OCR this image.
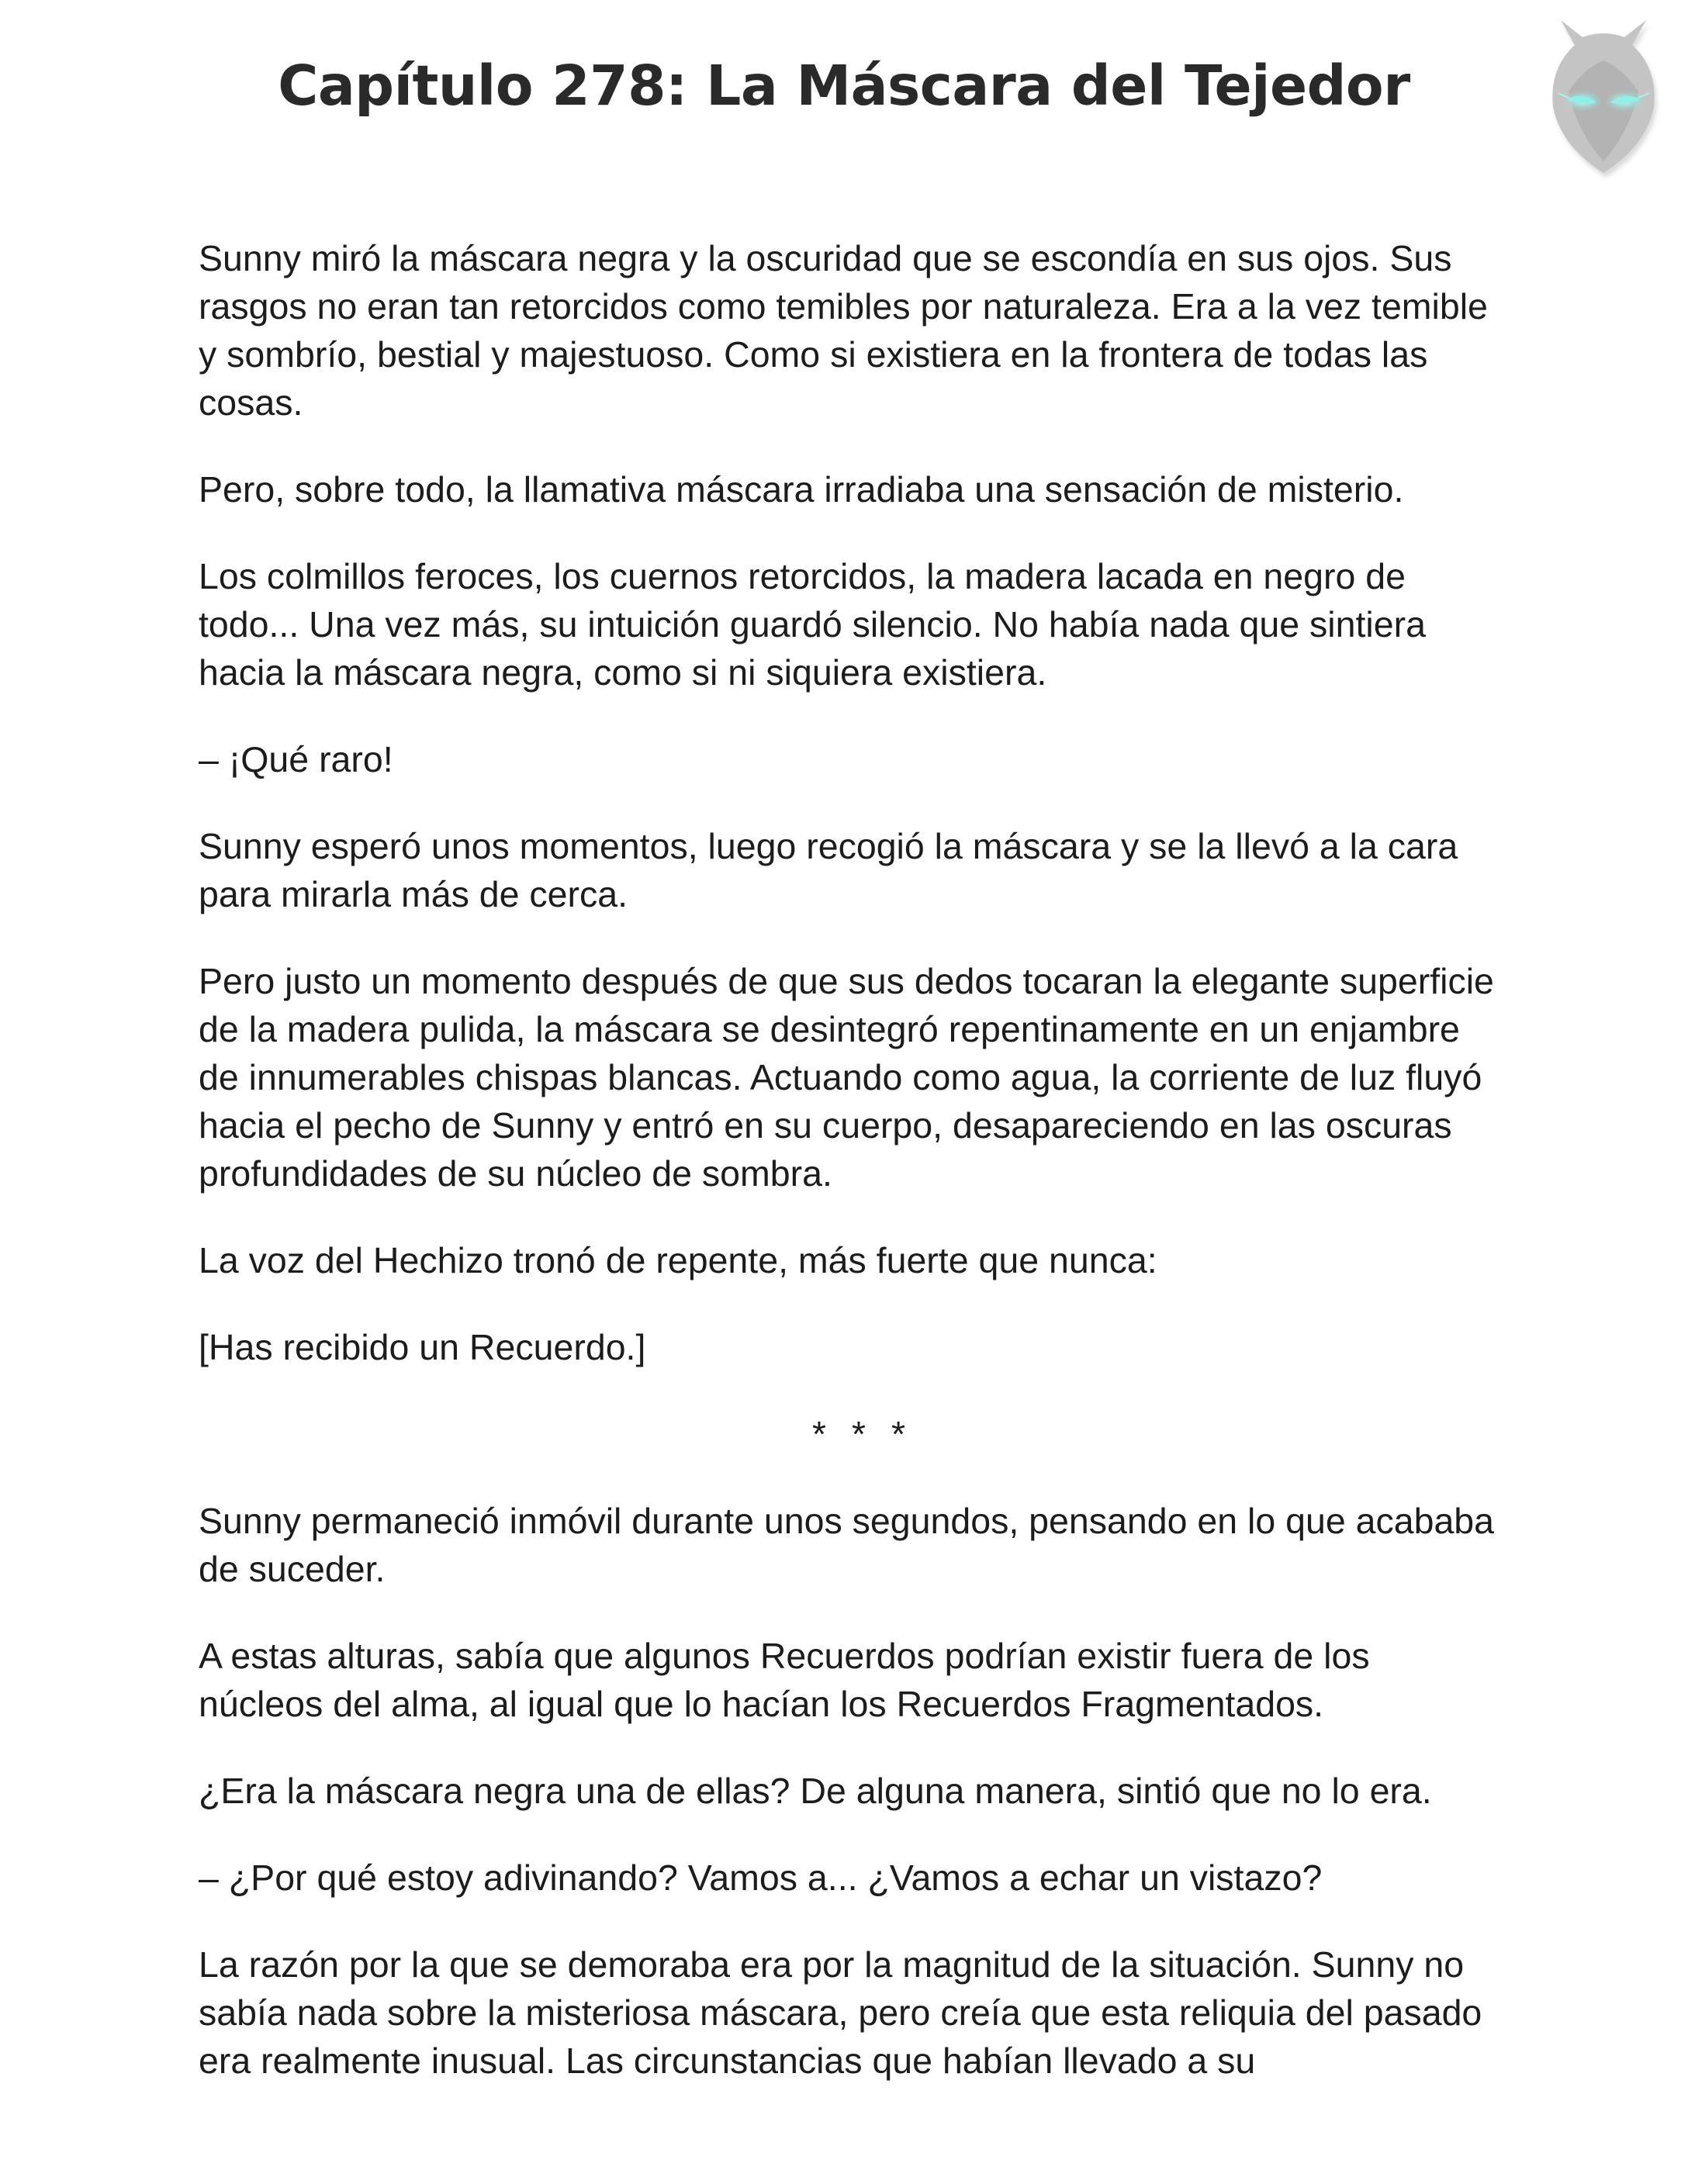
Capítulo 278: La Máscara del Tejedor

Sunny miró la máscara negra y la oscuridad que se escondía en sus ojos. Sus rasgos no eran tan retorcidos como temibles por naturaleza. Era a la vez temible y sombrío, bestial y majestuoso. Como si existiera en la frontera de todas las cosas.

Pero, sobre todo, la llamativa máscara irradiaba una sensación de misterio.

Los colmillos feroces, los cuernos retorcidos, la madera lacada en negro de todo... Una vez más, su intuición guardó silencio. No había nada que sintiera hacia la máscara negra, como si ni siquiera existiera.

– ¡Qué raro!

Sunny esperó unos momentos, luego recogió la máscara y se la llevó a la cara para mirarla más de cerca.

Pero justo un momento después de que sus dedos tocaran la elegante superficie de la madera pulida, la máscara se desintegró repentinamente en un enjambre de innumerables chispas blancas. Actuando como agua, la corriente de luz fluyó hacia el pecho de Sunny y entró en su cuerpo, desapareciendo en las oscuras profundidades de su núcleo de sombra.

La voz del Hechizo tronó de repente, más fuerte que nunca:

[Has recibido un Recuerdo.]

* * *

Sunny permaneció inmóvil durante unos segundos, pensando en lo que acababa de suceder.

A estas alturas, sabía que algunos Recuerdos podrían existir fuera de los núcleos del alma, al igual que lo hacían los Recuerdos Fragmentados.

¿Era la máscara negra una de ellas? De alguna manera, sintió que no lo era.

– ¿Por qué estoy adivinando? Vamos a... ¿Vamos a echar un vistazo?

La razón por la que se demoraba era por la magnitud de la situación. Sunny no sabía nada sobre la misteriosa máscara, pero creía que esta reliquia del pasado era realmente inusual. Las circunstancias que habían llevado a su
